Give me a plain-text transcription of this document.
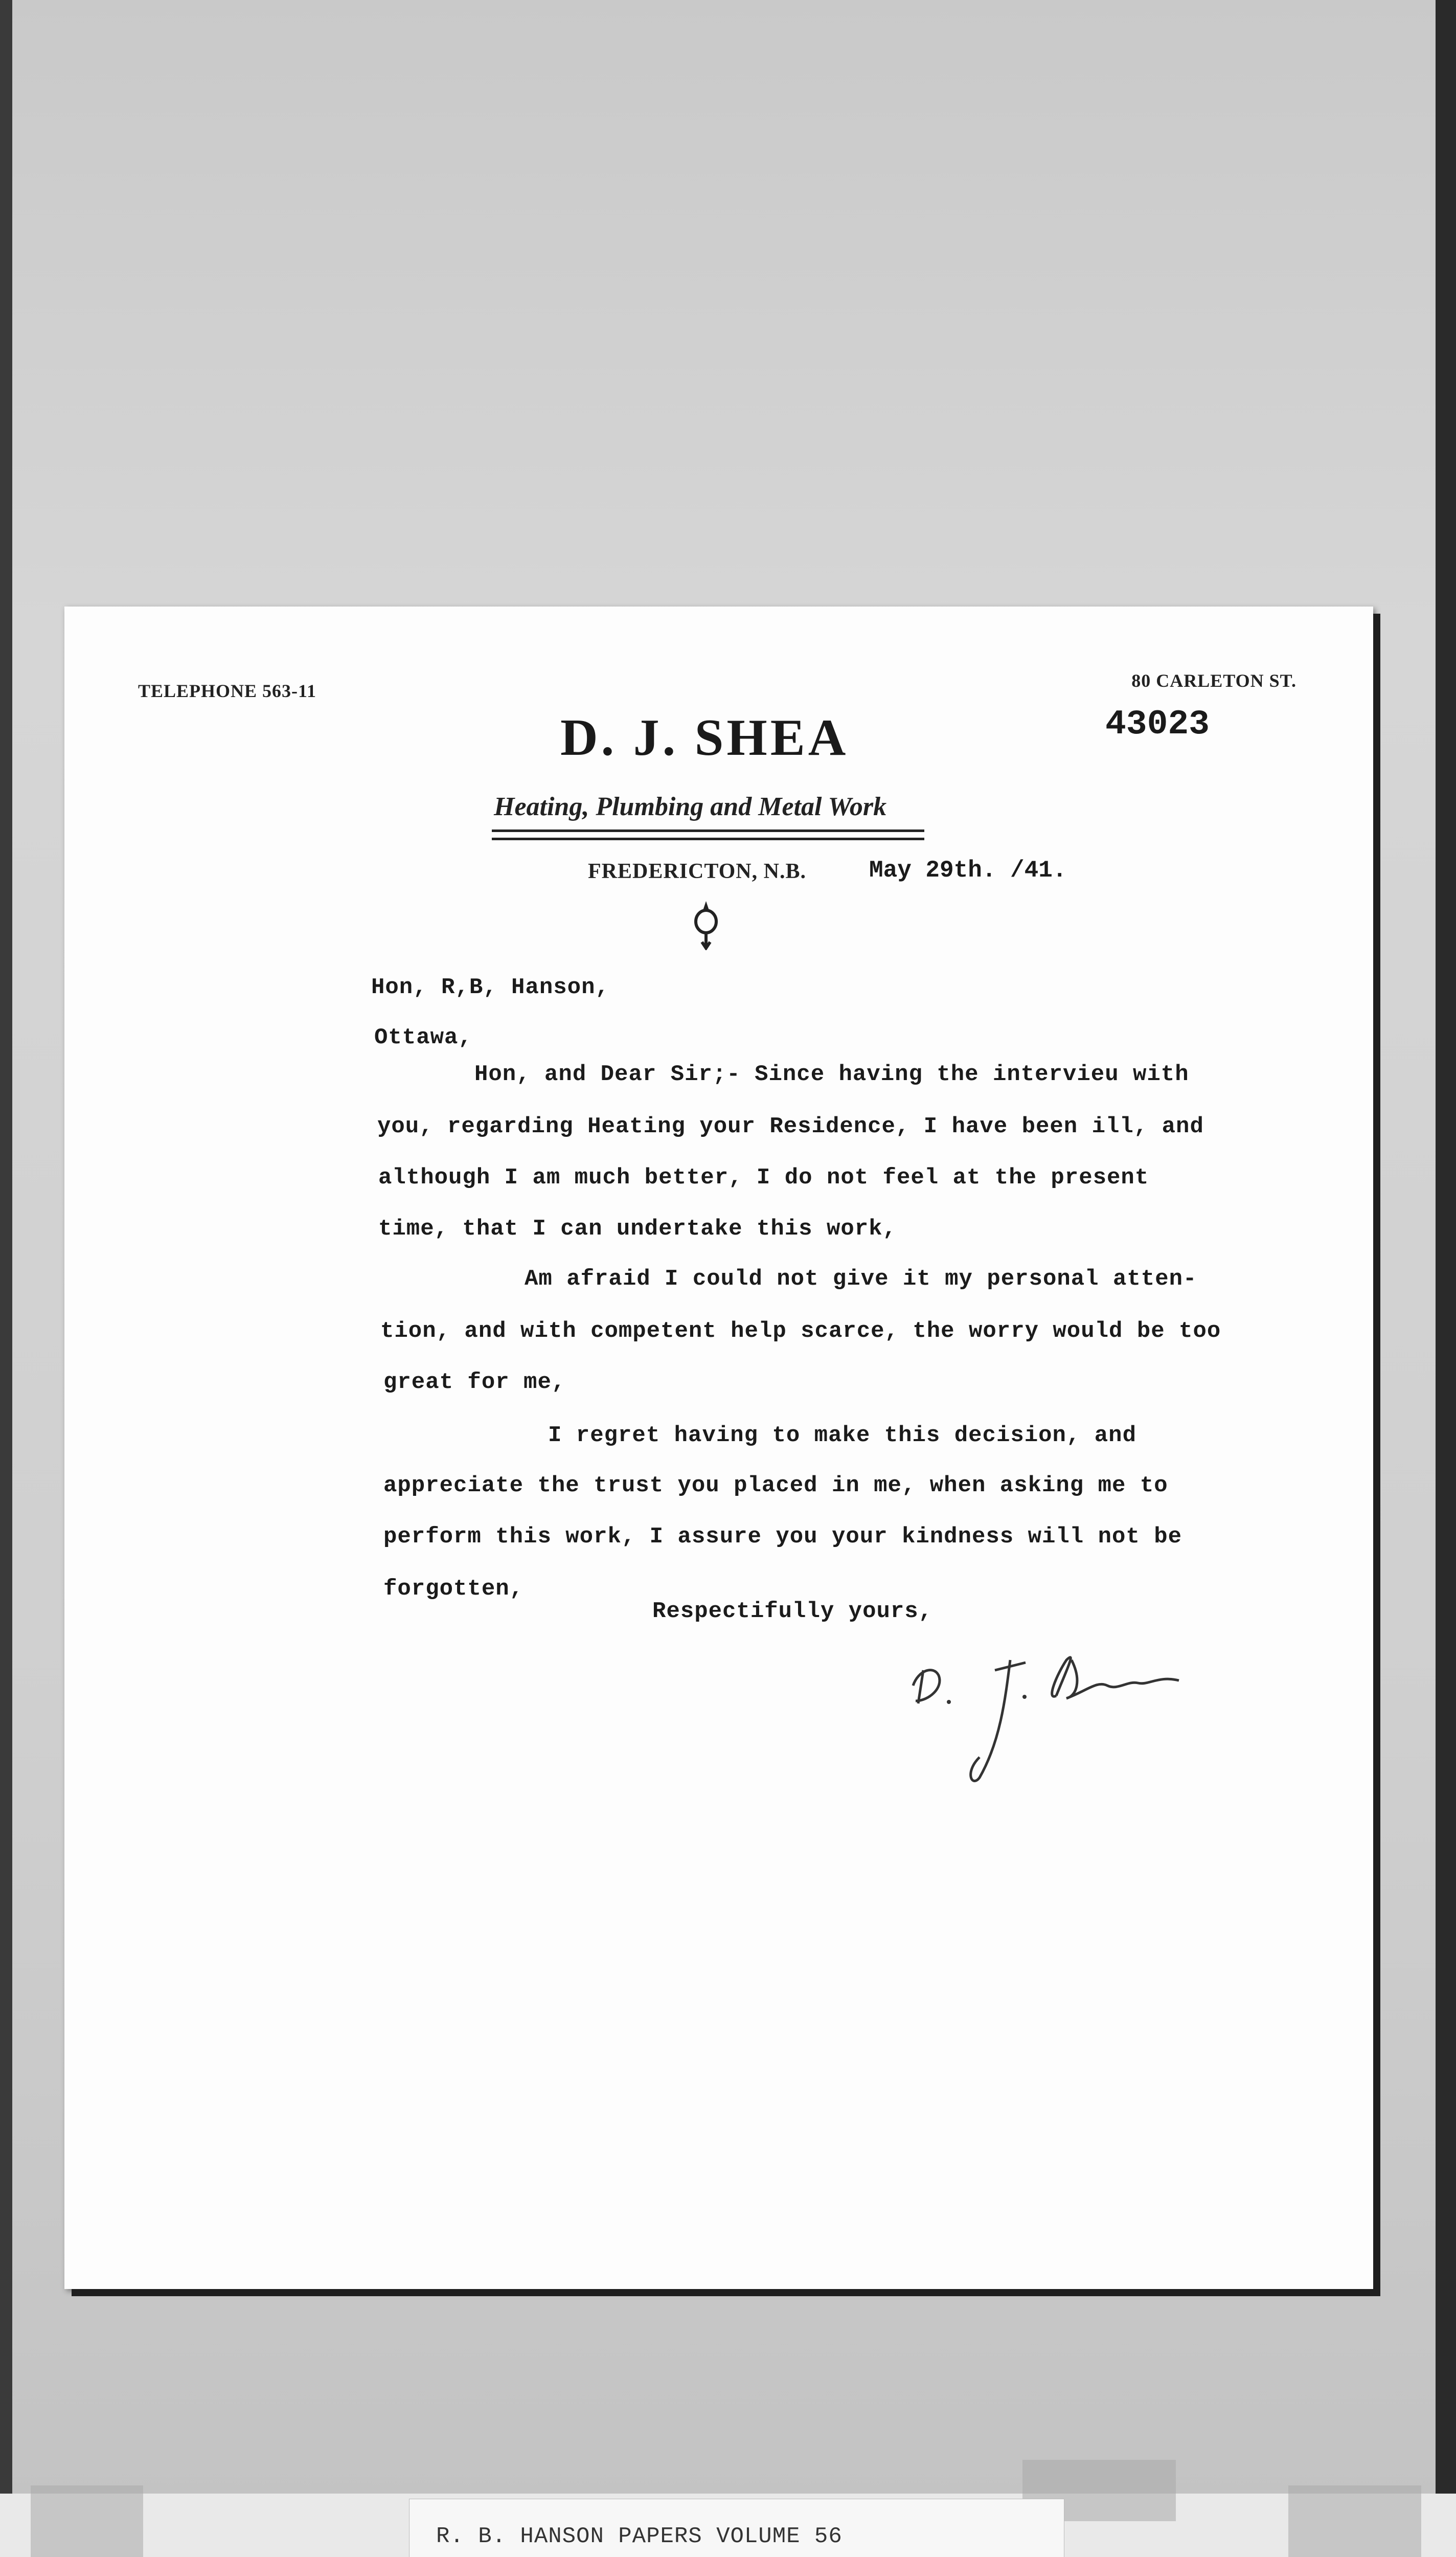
TELEPHONE 563-11	80 CARLETON ST.
43023
D. J. SHEA
Heating, Plumbing and Metal Work
FREDERICTON, N.B.	May 29th. /41.
Hon, R,B, Hanson,
Ottawa,
Hon, and Dear Sir;- Since having the intervieu with
you, regarding Heating your Residence, I have been ill, and
although I am much better, I do not feel at the present
time, that I can undertake this work,
Am afraid I could not give it my personal atten-
tion, and with competent help scarce, the worry would be too
great for me,
I regret having to make this decision, and
appreciate the trust you placed in me, when asking me to
perform this work, I assure you your kindness will not be
forgotten,
Respectifully yours,
R. B. HANSON PAPERS VOLUME 56
